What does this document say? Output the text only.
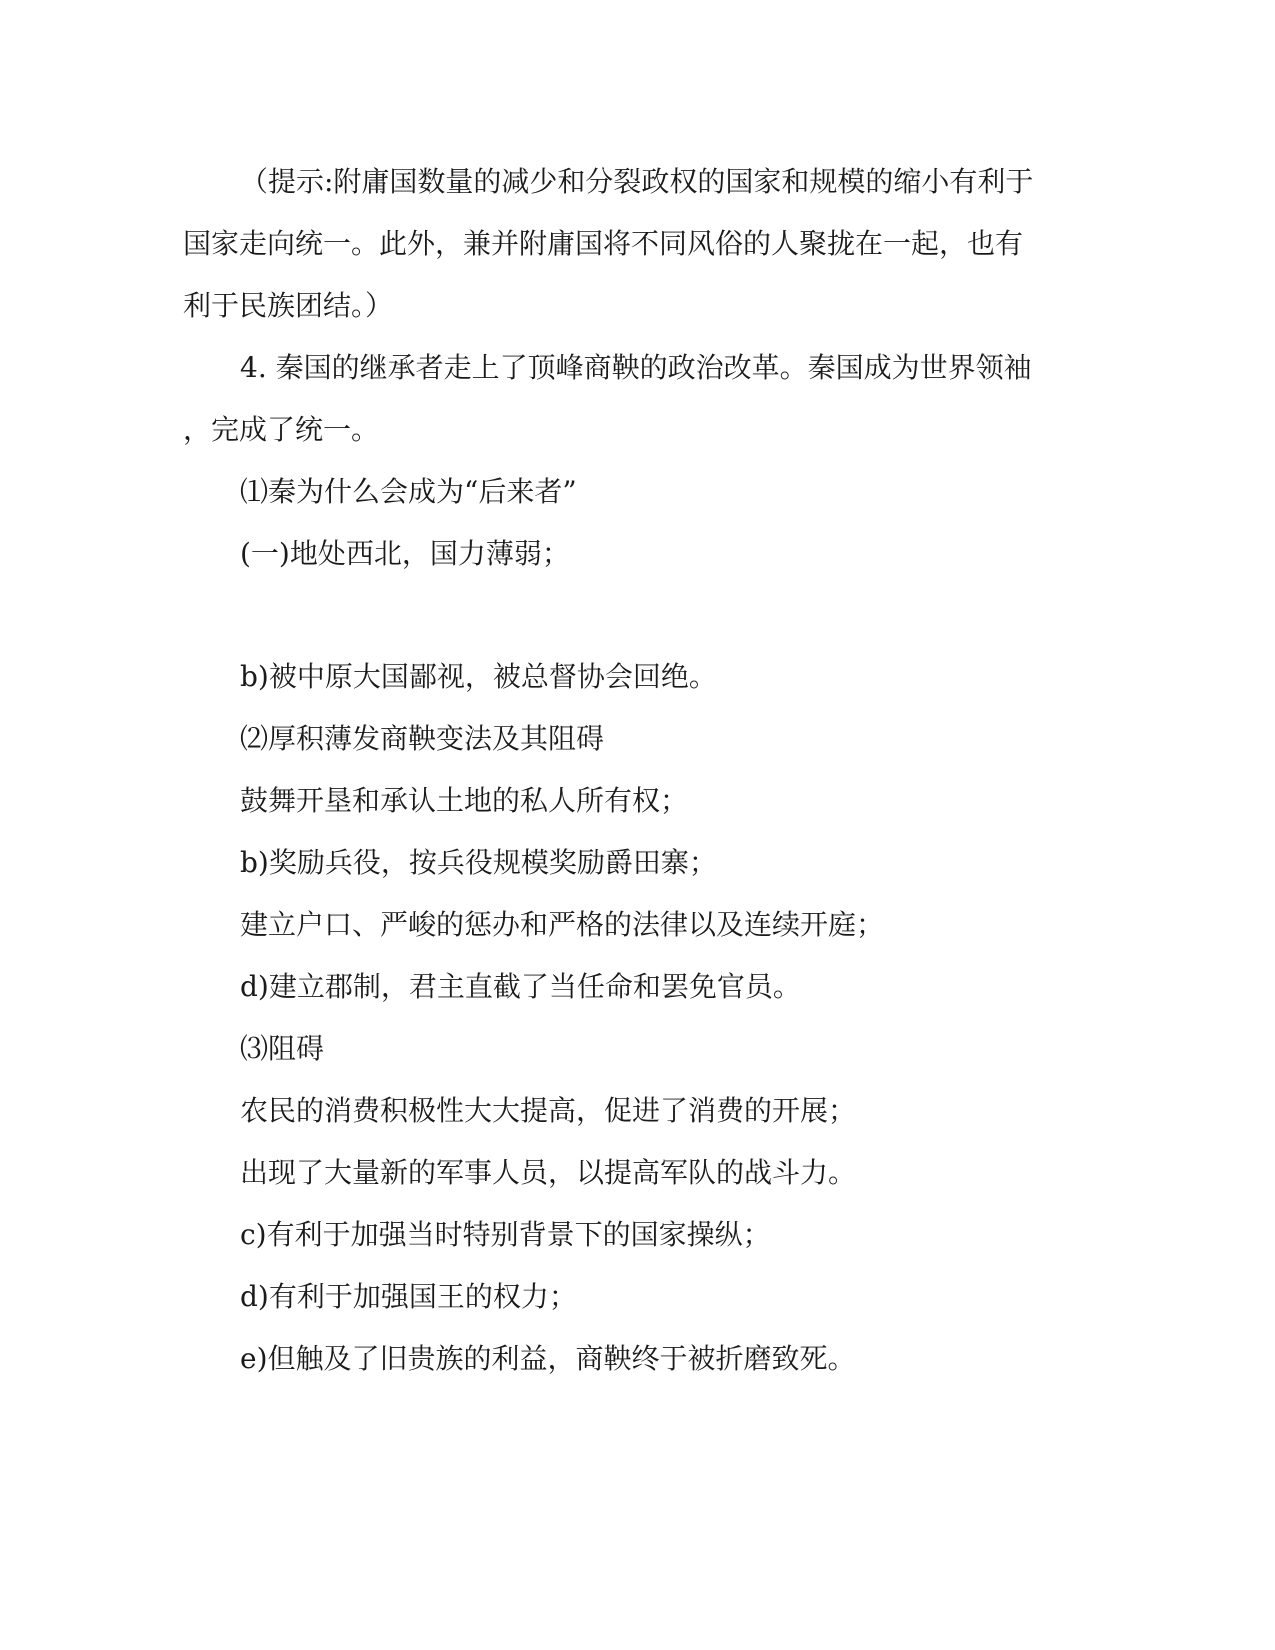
（提示:附庸国数量的减少和分裂政权的国家和规模的缩小有利于
国家走向统一。此外，兼并附庸国将不同风俗的人聚拢在一起，也有
利于民族团结。）
4. 秦国的继承者走上了顶峰商鞅的政治改革。秦国成为世界领袖
，完成了统一。
⑴秦为什么会成为“后来者”
(一)地处西北，国力薄弱；
b)被中原大国鄙视，被总督协会回绝。
⑵厚积薄发商鞅变法及其阻碍
鼓舞开垦和承认土地的私人所有权；
b)奖励兵役，按兵役规模奖励爵田寨；
建立户口、严峻的惩办和严格的法律以及连续开庭；
d)建立郡制，君主直截了当任命和罢免官员。
⑶阻碍
农民的消费积极性大大提高，促进了消费的开展；
出现了大量新的军事人员，以提高军队的战斗力。
c)有利于加强当时特别背景下的国家操纵；
d)有利于加强国王的权力；
e)但触及了旧贵族的利益，商鞅终于被折磨致死。
